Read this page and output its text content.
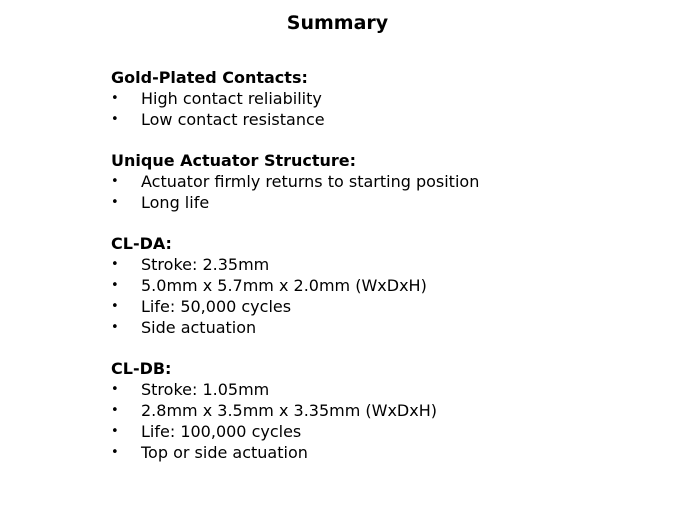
Summary
Gold-Plated Contacts:
• High contact reliability
• Low contact resistance
Unique Actuator Structure:
• Actuator firmly returns to starting position
• Long life
CL-DA:
• Stroke: 2.35mm
• 5.0mm x 5.7mm x 2.0mm (WxDxH)
• Life: 50,000 cycles
• Side actuation
CL-DB:
• Stroke: 1.05mm
• 2.8mm x 3.5mm x 3.35mm (WxDxH)
• Life: 100,000 cycles
• Top or side actuation
